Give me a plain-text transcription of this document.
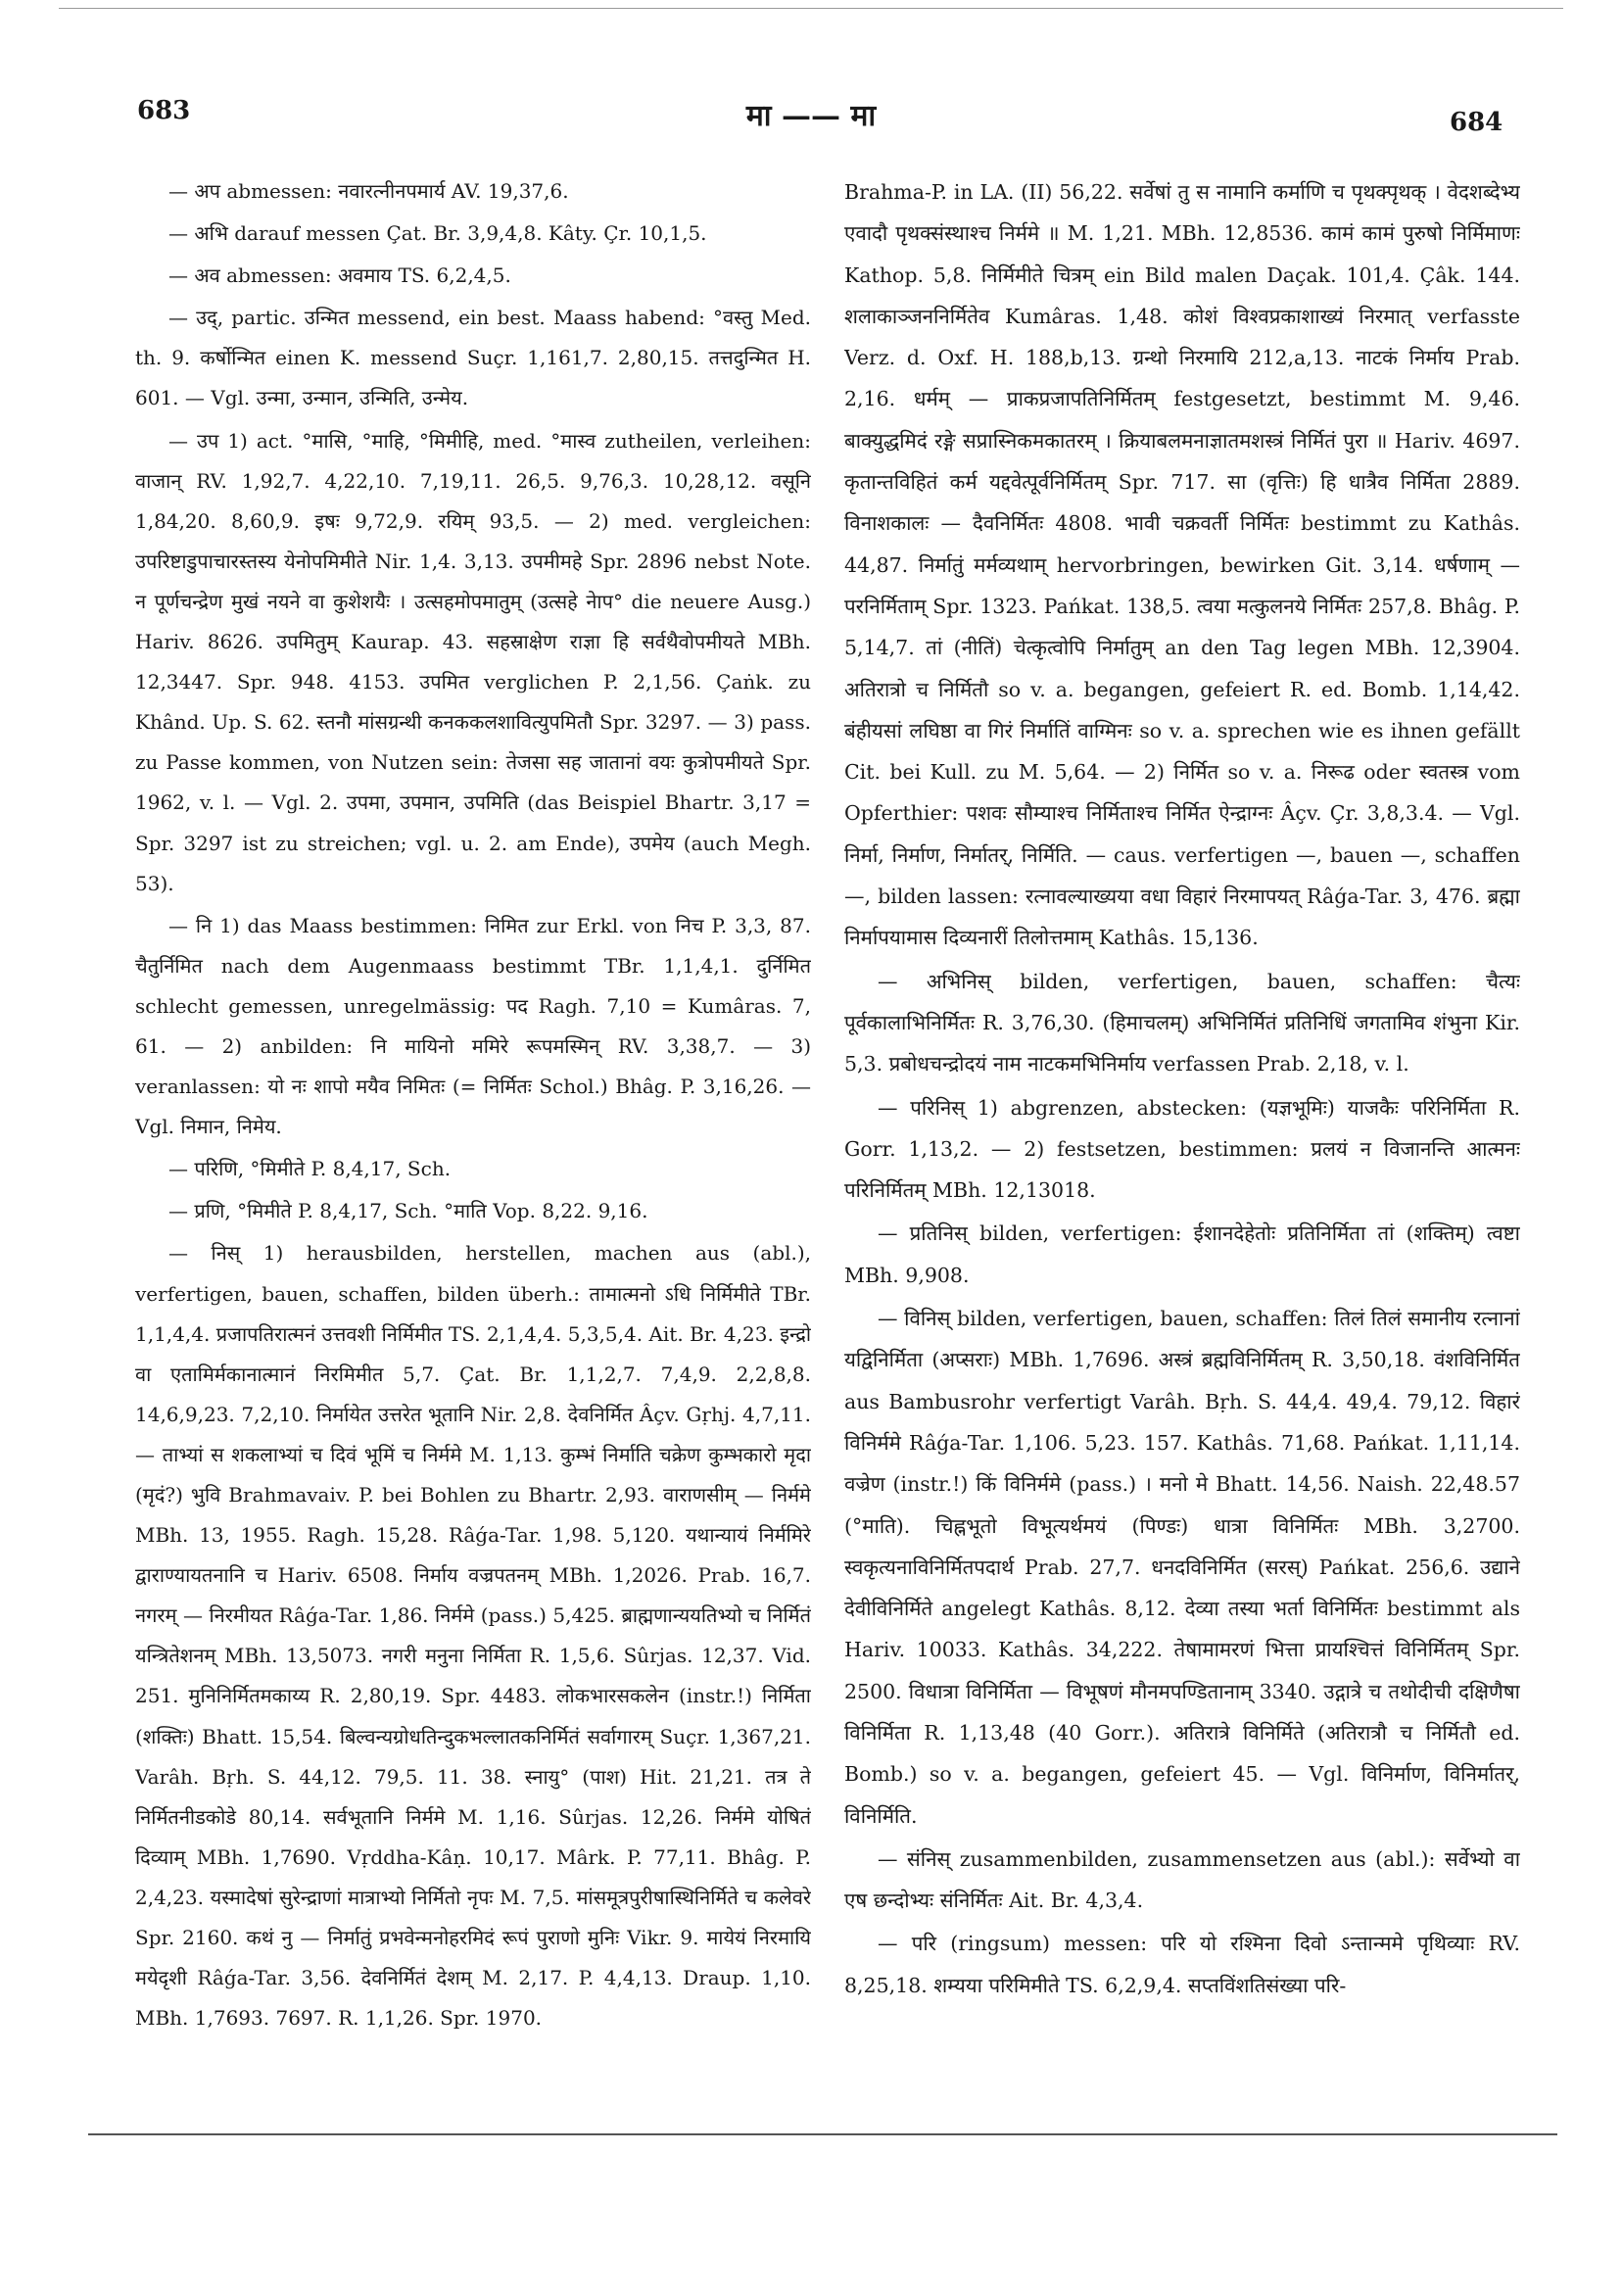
683	मा —— मा	684

— अप abmessen: नवारत्नीनपमार्य AV. 19,37,6.

— अभि darauf messen Çat. Br. 3,9,4,8. Kâty. Çr. 10,1,5.

— अव abmessen: अवमाय TS. 6,2,4,5.

— उद्, partic. उन्मित messend, ein best. Maass habend: °वस्तु Med. th. 9. कर्षोन्मित einen K. messend Suçr. 1,161,7. 2,80,15. तत्तदुन्मित H. 601. — Vgl. उन्मा, उन्मान, उन्मिति, उन्मेय.

— उप 1) act. °मासि, °माहि, °मिमीहि, med. °मास्व zutheilen, verleihen: वाजान् RV. 1,92,7. 4,22,10. 7,19,11. 26,5. 9,76,3. 10,28,12. वसूनि 1,84,20. 8,60,9. इषः 9,72,9. रयिम् 93,5. — 2) med. vergleichen: उपरिष्टाडुपाचारस्तस्य येनोपमिमीते Nir. 1,4. 3,13. उपमीमहे Spr. 2896 nebst Note. न पूर्णचन्द्रेण मुखं नयने वा कुशेशयैः । उत्सहमोपमातुम् (उत्सहे नेाप° die neuere Ausg.) Hariv. 8626. उपमितुम् Kaurap. 43. सहस्राक्षेण राज्ञा हि सर्वथैवोपमीयते MBh. 12,3447. Spr. 948. 4153. उपमित verglichen P. 2,1,56. Çaṅk. zu Khând. Up. S. 62. स्तनौ मांसग्रन्थी कनककलशावित्युपमितौ Spr. 3297. — 3) pass. zu Passe kommen, von Nutzen sein: तेजसा सह जातानां वयः कुत्रोपमीयते Spr. 1962, v. l. — Vgl. 2. उपमा, उपमान, उपमिति (das Beispiel Bhartr. 3,17 = Spr. 3297 ist zu streichen; vgl. u. 2. am Ende), उपमेय (auch Megh. 53).

— नि 1) das Maass bestimmen: निमित zur Erkl. von निच P. 3,3, 87. चैतुर्निमित nach dem Augenmaass bestimmt TBr. 1,1,4,1. दुर्निमित schlecht gemessen, unregelmässig: पद Ragh. 7,10 = Kumâras. 7, 61. — 2) anbilden: नि मायिनो ममिरे रूपमस्मिन् RV. 3,38,7. — 3) veranlassen: यो नः शापो मयैव निमितः (= निर्मितः Schol.) Bhâg. P. 3,16,26. — Vgl. निमान, निमेय.

— परिणि, °मिमीते P. 8,4,17, Sch.

— प्रणि, °मिमीते P. 8,4,17, Sch. °माति Vop. 8,22. 9,16.

— निस् 1) herausbilden, herstellen, machen aus (abl.), verfertigen, bauen, schaffen, bilden überh.: तामात्मनो ऽधि निर्मिमीते TBr. 1,1,4,4. प्रजापतिरात्मनं उत्तवशी निर्मिमीत TS. 2,1,4,4. 5,3,5,4. Ait. Br. 4,23. इन्द्रो वा एतामिर्मकानात्मानं निरमिमीत 5,7. Çat. Br. 1,1,2,7. 7,4,9. 2,2,8,8. 14,6,9,23. 7,2,10. निर्मायेत उत्तरेत भूतानि Nir. 2,8. देवनिर्मित Âçv. Gṛhj. 4,7,11. — ताभ्यां स शकलाभ्यां च दिवं भूमिं च निर्ममे M. 1,13. कुम्भं निर्माति चक्रेण कुम्भकारो मृदा (मृदं?) भुवि Brahmavaiv. P. bei Bohlen zu Bhartr. 2,93. वाराणसीम् — निर्ममे MBh. 13, 1955. Ragh. 15,28. Râǵa-Tar. 1,98. 5,120. यथान्यायं निर्ममिरे द्वाराण्यायतनानि च Hariv. 6508. निर्माय वज्रपतनम् MBh. 1,2026. Prab. 16,7. नगरम् — निरमीयत Râǵa-Tar. 1,86. निर्ममे (pass.) 5,425. ब्राह्मणान्ययतिभ्यो च निर्मितं यन्त्रितेशनम् MBh. 13,5073. नगरी मनुना निर्मिता R. 1,5,6. Sûrjas. 12,37. Vid. 251. मुनिनिर्मितमकाय्य R. 2,80,19. Spr. 4483. लोकभारसकलेन (instr.!) निर्मिता (शक्तिः) Bhatt. 15,54. बिल्वन्यग्रोधतिन्दुकभल्लातकनिर्मितं सर्वागारम् Suçr. 1,367,21. Varâh. Bṛh. S. 44,12. 79,5. 11. 38. स्नायु° (पाश) Hit. 21,21. तत्र ते निर्मितनीडकोडे 80,14. सर्वभूतानि निर्ममे M. 1,16. Sûrjas. 12,26. निर्ममे योषितं दिव्याम् MBh. 1,7690. Vṛddha-Kâṇ. 10,17. Mârk. P. 77,11. Bhâg. P. 2,4,23. यस्मादेषां सुरेन्द्राणां मात्राभ्यो निर्मितो नृपः M. 7,5. मांसमूत्रपुरीषास्थिनिर्मिते च कलेवरे Spr. 2160. कथं नु — निर्मातुं प्रभवेन्मनोहरमिदं रूपं पुराणो मुनिः Vikr. 9. मायेयं निरमायि मयेदृशी Râǵa-Tar. 3,56. देवनिर्मितं देशम् M. 2,17. P. 4,4,13. Draup. 1,10. MBh. 1,7693. 7697. R. 1,1,26. Spr. 1970.

Brahma-P. in LA. (II) 56,22. सर्वेषां तु स नामानि कर्माणि च पृथक्पृथक् । वेदशब्देभ्य एवादौ पृथक्संस्थाश्च निर्ममे ॥ M. 1,21. MBh. 12,8536. कामं कामं पुरुषो निर्मिमाणः Kathop. 5,8. निर्मिमीते चित्रम् ein Bild malen Daçak. 101,4. Çâk. 144. शलाकाञ्जननिर्मितेव Kumâras. 1,48. कोशं विश्वप्रकाशाख्यं निरमात् verfasste Verz. d. Oxf. H. 188,b,13. ग्रन्थो निरमायि 212,a,13. नाटकं निर्माय Prab. 2,16. धर्मम् — प्राकप्रजापतिनिर्मितम् festgesetzt, bestimmt M. 9,46. बाक्युद्धमिदं रङ्गे सप्रास्निकमकातरम् । क्रियाबलमनाज्ञातमशस्त्रं निर्मितं पुरा ॥ Hariv. 4697. कृतान्तविहितं कर्म यद्दवेत्पूर्वनिर्मितम् Spr. 717. सा (वृत्तिः) हि धात्रैव निर्मिता 2889. विनाशकालः — दैवनिर्मितः 4808. भावी चक्रवर्ती निर्मितः bestimmt zu Kathâs. 44,87. निर्मातुं मर्मव्यथाम् hervorbringen, bewirken Git. 3,14. धर्षणाम् — परनिर्मिताम् Spr. 1323. Pańkat. 138,5. त्वया मत्कुलनये निर्मितः 257,8. Bhâg. P. 5,14,7. तां (नीतिं) चेत्कृत्वोपि निर्मातुम् an den Tag legen MBh. 12,3904. अतिरात्रो च निर्मितौ so v. a. begangen, gefeiert R. ed. Bomb. 1,14,42. बंहीयसां लघिष्ठा वा गिरं निर्मातिं वाग्मिनः so v. a. sprechen wie es ihnen gefällt Cit. bei Kull. zu M. 5,64. — 2) निर्मित so v. a. निरूढ oder स्वतस्त्र vom Opferthier: पशवः सौम्याश्च निर्मिताश्च निर्मित ऐन्द्राग्नः Âçv. Çr. 3,8,3.4. — Vgl. निर्मा, निर्माण, निर्मातर्, निर्मिति. — caus. verfertigen —, bauen —, schaffen —, bilden lassen: रत्नावल्याख्यया वधा विहारं निरमापयत् Râǵa-Tar. 3, 476. ब्रह्मा निर्मापयामास दिव्यनारीं तिलोत्तमाम् Kathâs. 15,136.

— अभिनिस् bilden, verfertigen, bauen, schaffen: चैत्यः पूर्वकालाभिनिर्मितः R. 3,76,30. (हिमाचलम्) अभिनिर्मितं प्रतिनिधिं जगतामिव शंभुना Kir. 5,3. प्रबोधचन्द्रोदयं नाम नाटकमभिनिर्माय verfassen Prab. 2,18, v. l.

— परिनिस् 1) abgrenzen, abstecken: (यज्ञभूमिः) याजकैः परिनिर्मिता R. Gorr. 1,13,2. — 2) festsetzen, bestimmen: प्रलयं न विजानन्ति आत्मनः परिनिर्मितम् MBh. 12,13018.

— प्रतिनिस् bilden, verfertigen: ईशानदेहेतोः प्रतिनिर्मिता तां (शक्तिम्) त्वष्टा MBh. 9,908.

— विनिस् bilden, verfertigen, bauen, schaffen: तिलं तिलं समानीय रत्नानां यद्विनिर्मिता (अप्सराः) MBh. 1,7696. अस्त्रं ब्रह्मविनिर्मितम् R. 3,50,18. वंशविनिर्मित aus Bambusrohr verfertigt Varâh. Bṛh. S. 44,4. 49,4. 79,12. विहारं विनिर्ममे Râǵa-Tar. 1,106. 5,23. 157. Kathâs. 71,68. Pańkat. 1,11,14. वज्रेण (instr.!) किं विनिर्ममे (pass.) । मनो मे Bhatt. 14,56. Naish. 22,48.57 (°माति). चिह्नभूतो विभूत्यर्थमयं (पिण्डः) धात्रा विनिर्मितः MBh. 3,2700. स्वकृत्यनाविनिर्मितपदार्थ Prab. 27,7. धनदविनिर्मित (सरस्) Pańkat. 256,6. उद्याने देवीविनिर्मिते angelegt Kathâs. 8,12. देव्या तस्या भर्ता विनिर्मितः bestimmt als Hariv. 10033. Kathâs. 34,222. तेषामामरणं भित्ता प्रायश्चित्तं विनिर्मितम् Spr. 2500. विधात्रा विनिर्मिता — विभूषणं मौनमपण्डितानाम् 3340. उद्गात्रे च तथोदीची दक्षिणैषा विनिर्मिता R. 1,13,48 (40 Gorr.). अतिरात्रे विनिर्मिते (अतिरात्रौ च निर्मितौ ed. Bomb.) so v. a. begangen, gefeiert 45. — Vgl. विनिर्माण, विनिर्मातर्, विनिर्मिति.

— संनिस् zusammenbilden, zusammensetzen aus (abl.): सर्वेभ्यो वा एष छन्दोभ्यः संनिर्मितः Ait. Br. 4,3,4.

— परि (ringsum) messen: परि यो रश्मिना दिवो ऽन्तान्ममे पृथिव्याः RV. 8,25,18. शम्यया परिमिमीते TS. 6,2,9,4. सप्तविंशतिसंख्या परि-
